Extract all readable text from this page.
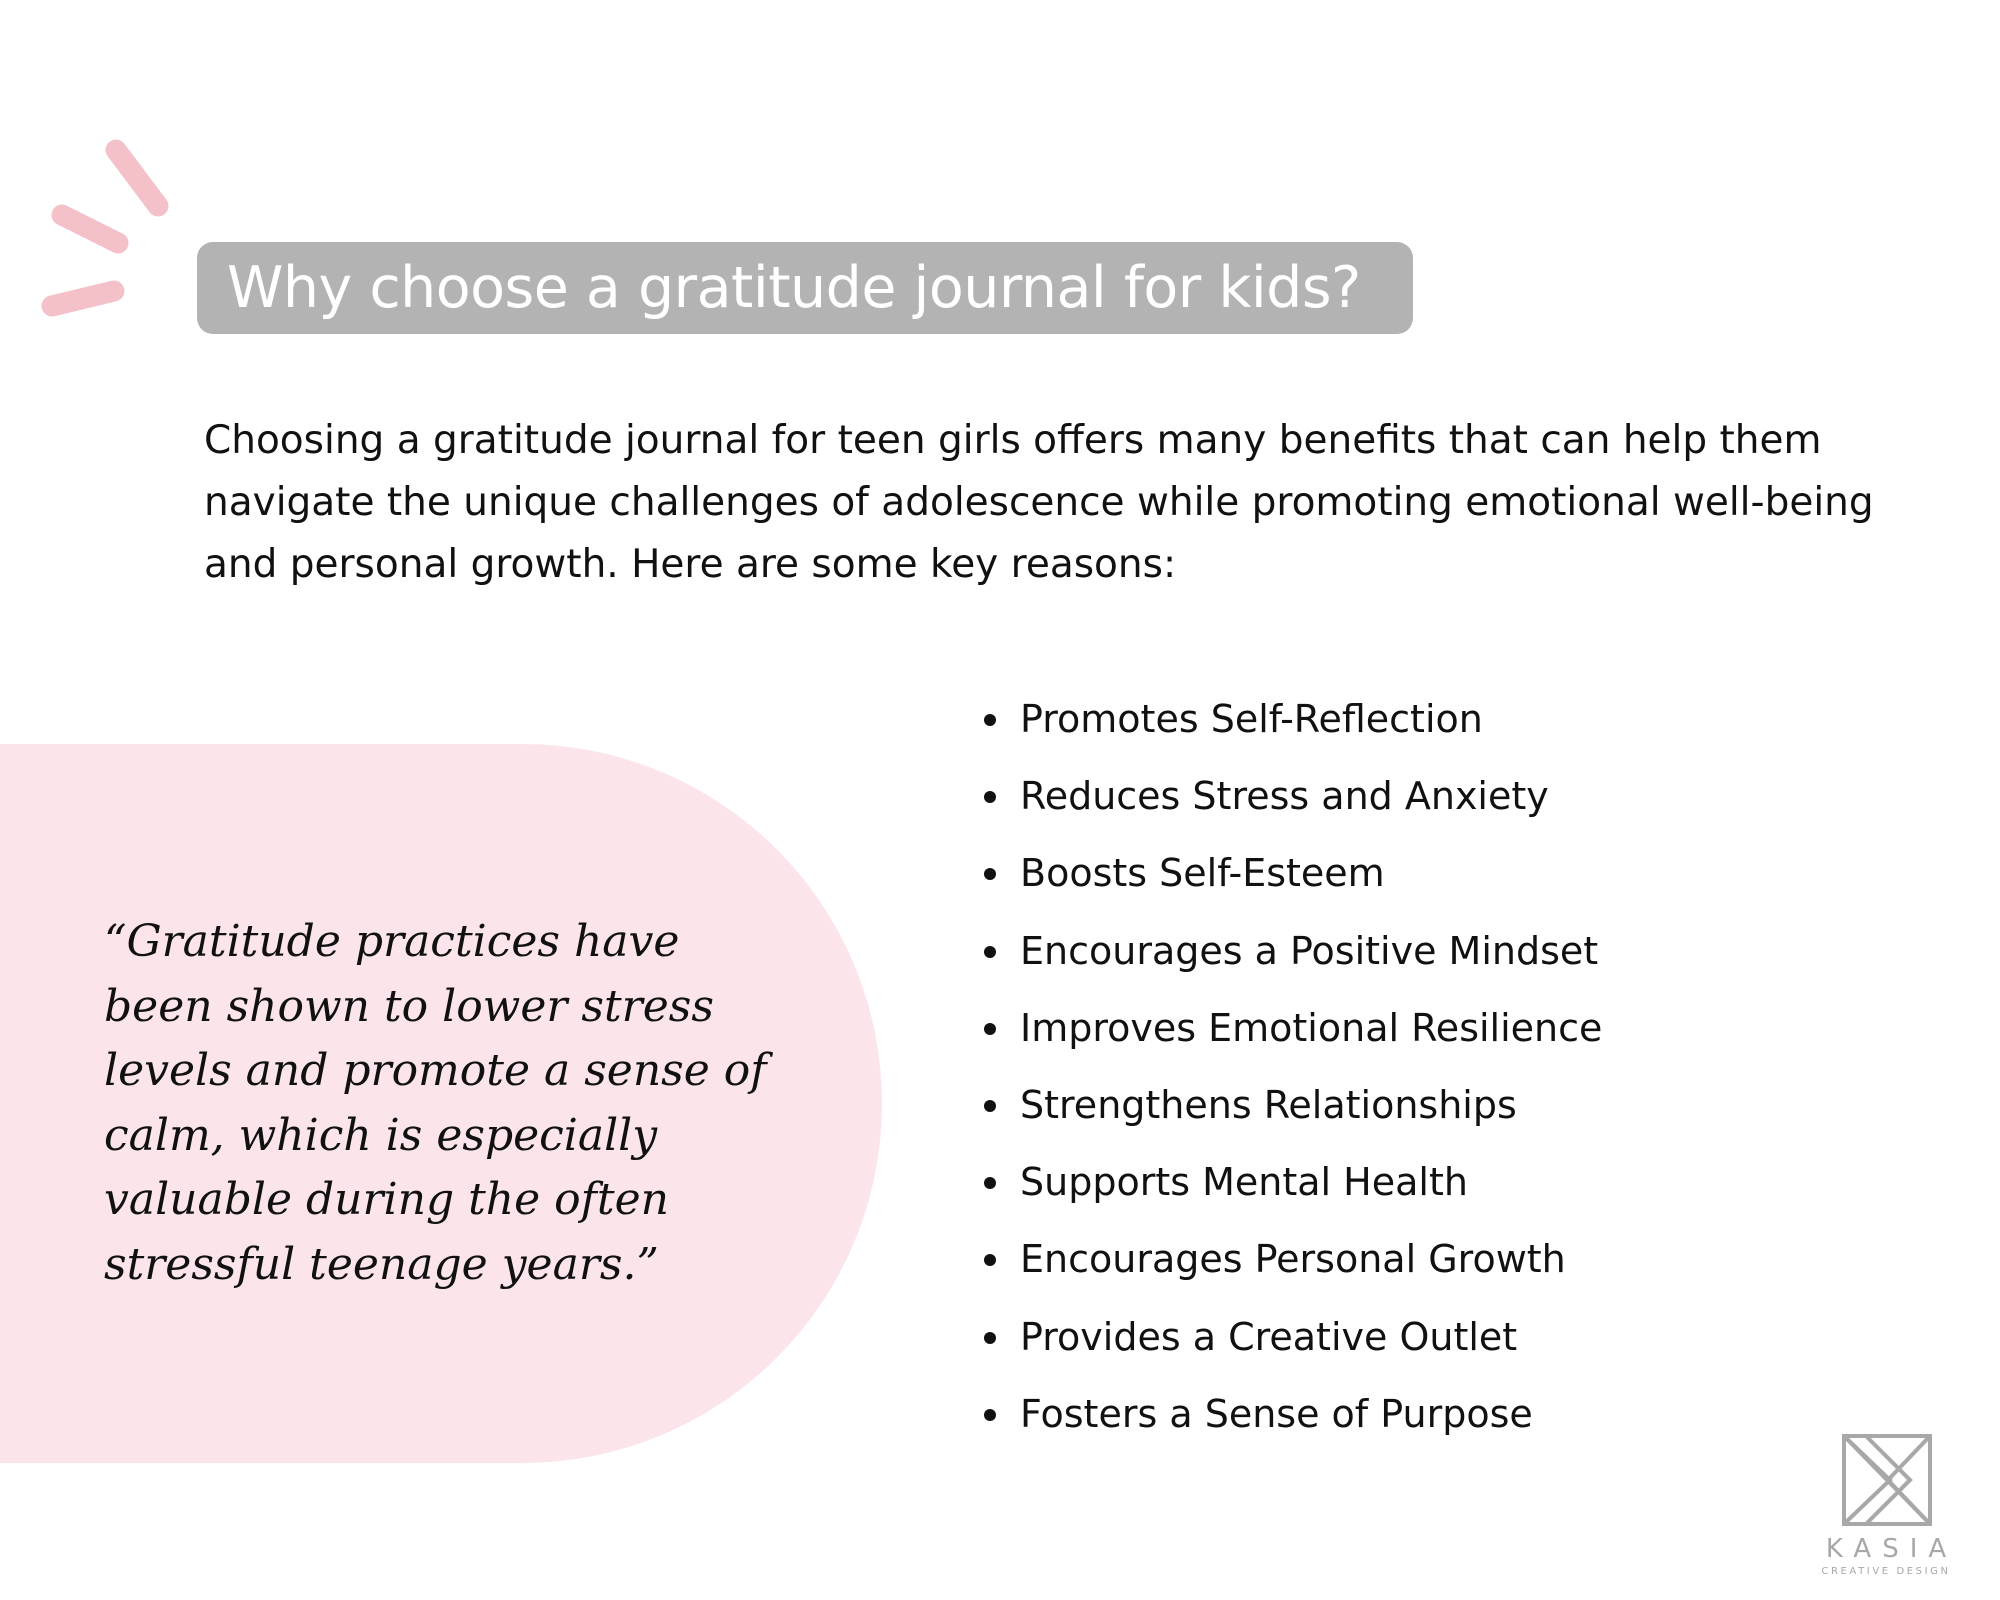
Why choose a gratitude journal for kids?

Choosing a gratitude journal for teen girls offers many benefits that can help them navigate the unique challenges of adolescence while promoting emotional well-being and personal growth. Here are some key reasons:

“Gratitude practices have been shown to lower stress levels and promote a sense of calm, which is especially valuable during the often stressful teenage years.”

Promotes Self-Reflection
Reduces Stress and Anxiety
Boosts Self-Esteem
Encourages a Positive Mindset
Improves Emotional Resilience
Strengthens Relationships
Supports Mental Health
Encourages Personal Growth
Provides a Creative Outlet
Fosters a Sense of Purpose
KASIA
CREATIVE DESIGN
